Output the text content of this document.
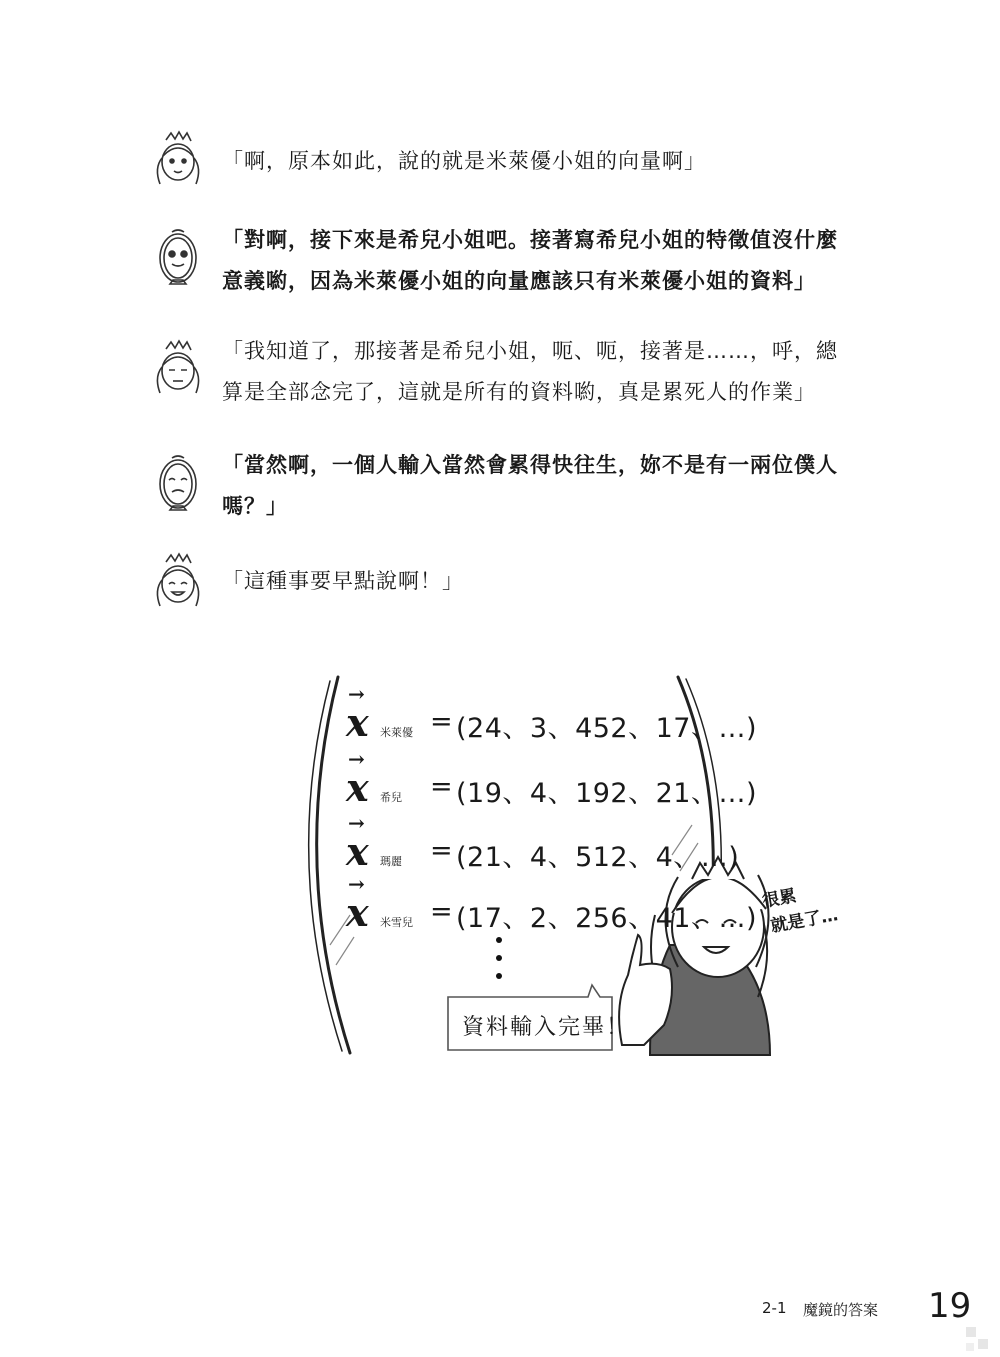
「啊，原本如此，說的就是米萊優小姐的向量啊」
「對啊，接下來是希兒小姐吧。接著寫希兒小姐的特徵值沒什麼
意義喲，因為米萊優小姐的向量應該只有米萊優小姐的資料」
「我知道了，那接著是希兒小姐，呃、呃，接著是……，呼，總
算是全部念完了，這就是所有的資料喲，真是累死人的作業」
「當然啊，一個人輸入當然會累得快往生，妳不是有一兩位僕人
嗎？」
「這種事要早點說啊！」
→
x 米萊優 = (24、3、452、17、…)
→
x 希兒 = (19、4、192、21、…)
→
x 瑪麗 = (21、4、512、4、…)
→
x 米雪兒 = (17、2、256、41、…)
資料輸入完畢！
很累
就是了…
2-1 魔鏡的答案 19
